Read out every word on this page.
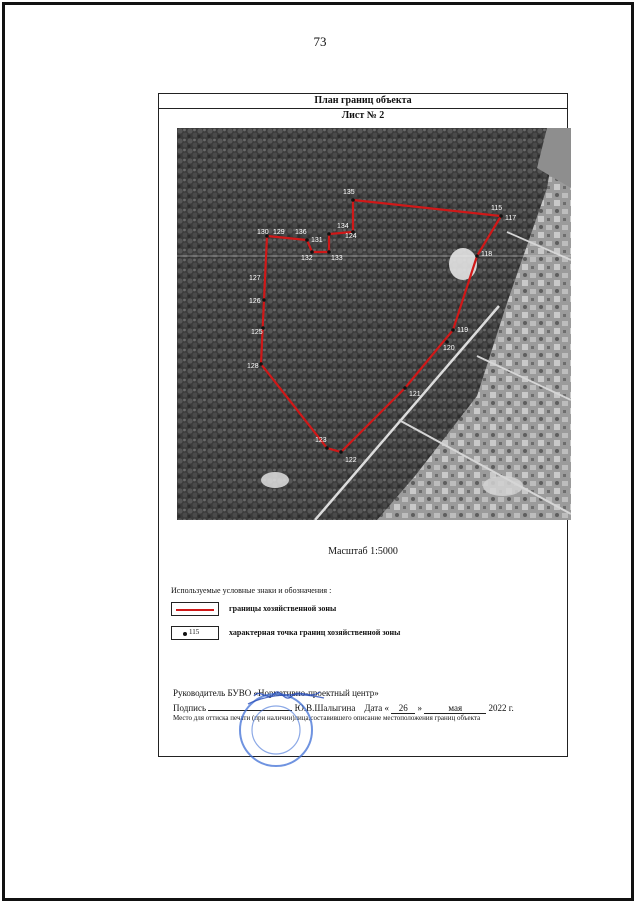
73
План границ объекта
Лист № 2
115
117
118
119
120
121
122
123
124
125
126
127
128
129
130
131
132	133
134
135
136
Масштаб 1:5000
Используемые условные знаки и обозначения :
границы хозяйственной зоны
115	характерная точка границ хозяйственной зоны
Руководитель БУВО «Нормативно-проектный центр»
Подпись	Ю.В.Шалыгина Дата « 26 »	мая	2022 г.
Место для оттиска печати (при наличии)лица,составившего описание местоположения границ объекта
